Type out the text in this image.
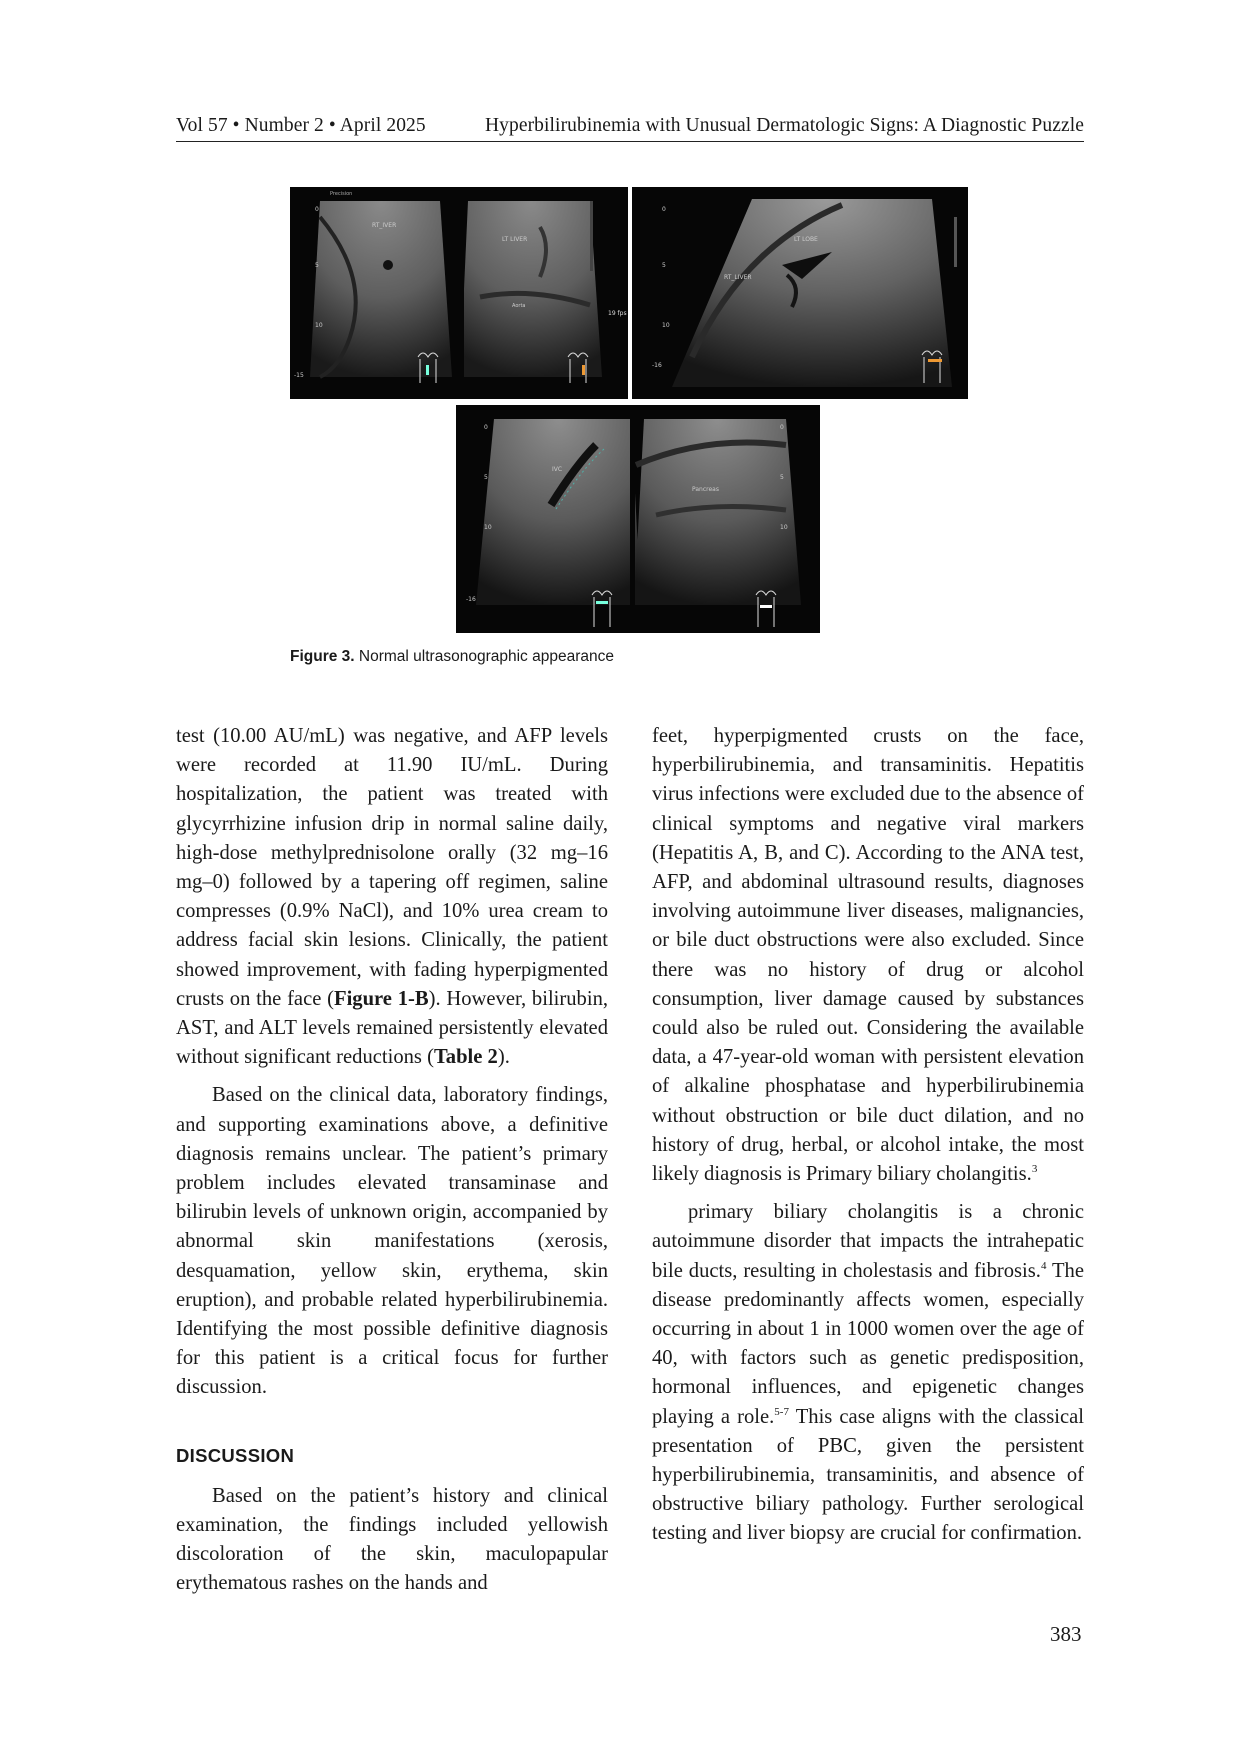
Vol 57 • Number 2 • April 2025	Hyperbilirubinemia with Unusual Dermatologic Signs: A Diagnostic Puzzle
RT_IVER
LT LIVER
Aorta
19 fps
Precision
0
5
10
-15
LT LOBE
RT_LIVER
0
5
10
-16
IVC
Pancreas
0
5
10
-16
0
5
10
Figure 3. Normal ultrasonographic appearance

test (10.00 AU/mL) was negative, and AFP levels were recorded at 11.90 IU/mL. During hospitalization, the patient was treated with glycyrrhizine infusion drip in normal saline daily, high-dose methylprednisolone orally (32 mg–16 mg–0) followed by a tapering off regimen, saline compresses (0.9% NaCl), and 10% urea cream to address facial skin lesions. Clinically, the patient showed improvement, with fading hyperpigmented crusts on the face (Figure 1-B). However, bilirubin, AST, and ALT levels remained persistently elevated without significant reductions (Table 2).

Based on the clinical data, laboratory findings, and supporting examinations above, a definitive diagnosis remains unclear. The patient’s primary problem includes elevated transaminase and bilirubin levels of unknown origin, accompanied by abnormal skin manifestations (xerosis, desquamation, yellow skin, erythema, skin eruption), and probable related hyperbilirubinemia. Identifying the most possible definitive diagnosis for this patient is a critical focus for further discussion.

DISCUSSION

Based on the patient’s history and clinical examination, the findings included yellowish discoloration of the skin, maculopapular erythematous rashes on the hands and

feet, hyperpigmented crusts on the face, hyperbilirubinemia, and transaminitis. Hepatitis virus infections were excluded due to the absence of clinical symptoms and negative viral markers (Hepatitis A, B, and C). According to the ANA test, AFP, and abdominal ultrasound results, diagnoses involving autoimmune liver diseases, malignancies, or bile duct obstructions were also excluded. Since there was no history of drug or alcohol consumption, liver damage caused by substances could also be ruled out. Considering the available data, a 47-year-old woman with persistent elevation of alkaline phosphatase and hyperbilirubinemia without obstruction or bile duct dilation, and no history of drug, herbal, or alcohol intake, the most likely diagnosis is Primary biliary cholangitis.$^3$

primary biliary cholangitis is a chronic autoimmune disorder that impacts the intrahepatic bile ducts, resulting in cholestasis and fibrosis.$^4$ The disease predominantly affects women, especially occurring in about 1 in 1000 women over the age of 40, with factors such as genetic predisposition, hormonal influences, and epigenetic changes playing a role.$^{5-7}$ This case aligns with the classical presentation of PBC, given the persistent hyperbilirubinemia, transaminitis, and absence of obstructive biliary pathology. Further serological testing and liver biopsy are crucial for confirmation.

383
